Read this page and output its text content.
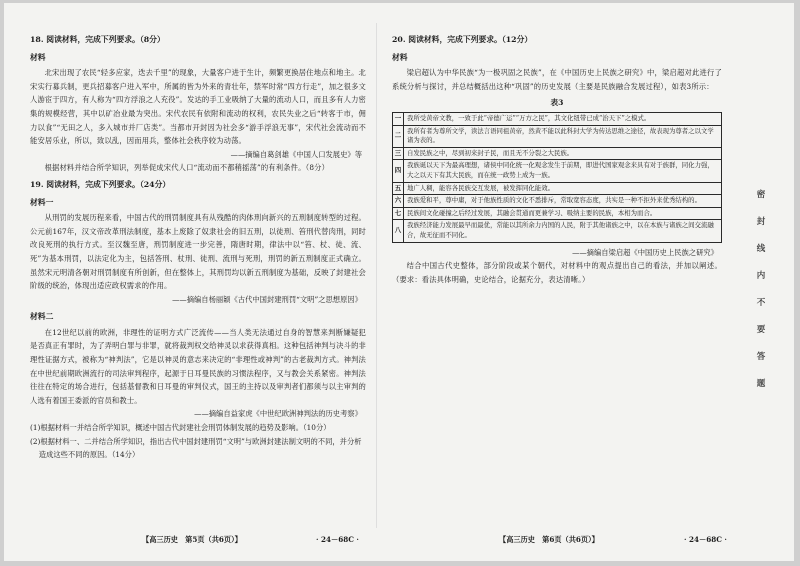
18. 阅读材料，完成下列要求。（8分）
材料
北宋出现了农民“轻多应家，迭去千里”的现象，大量客户进于生计，频繁更换居住地点和地主。北宋实行募兵制，更兵招募客户进入军中，所属的皆为外来的青壮年，禁军时常“四方行走”，加之很多文人游宦于四方，有人称为“四方浮浪之人充役”。发达的手工业吸纳了大量的流动人口，而且多有人力密集的规模经营，其中以矿冶业最为突出。宋代农民有依附和流动的权利，农民失业之后“转客于市，佣力以食”“无田之人，多入城市并厂店类”。当都市开封因为社会多“游手浮浪无事”，宋代社会流动而不能安居乐业，所以，致以乱，因而用兵，整体社会秩序较为动荡。
——摘编自葛剑雄《中国人口发展史》等
根据材料并结合所学知识，列举促成宋代人口“流动而不都稍摇荡”的有利条件。（8分）
19. 阅读材料，完成下列要求。（24分）
材料一
从刑罚的发展历程来看，中国古代的刑罚制度具有从残酷的肉体刑向新兴的五刑制度转型的过程。公元前167年，汉文帝改革刑法制度，基本上废除了奴隶社会的旧五刑，以徒刑、笞刑代替肉刑，同时改良死刑的执行方式。至汉魏至唐，刑罚制度进一步完善，隋唐时期，律法中以“笞、杖、徒、流、死”为基本刑罚，以法定化为主，包括答刑、杖刑、徒刑、流刑与死刑，刑罚的新五刑制度正式确立。虽然宋元明清各朝对刑罚制度有所创新，但在整体上，其刑罚均以新五刑制度为基础，反映了封建社会阶级的统治，体现出适应政权需求的作用。
——摘编自杨丽颖《古代中国封建刑罚“文明”之思想原因》
材料二
在12世纪以前的欧洲，非理性的证明方式广泛流传——当人类无法通过自身的智慧来判断嫌疑犯是否真正有罪时，为了弄明白罪与非罪，就将裁判权交给神灵以求获得真相。这种包括神判与决斗的非理性证据方式，被称为“神判法”，它是以神灵的意志来决定的“非理性或神判”的古老裁判方式。神判法在中世纪前期欧洲流行的司法审判程序，起源于日耳曼民族的习惯法程序，又与教会关系紧密。神判法往往在特定的场合进行，包括基督教和日耳曼的审判仪式，国王的主持以及审判者们都须与以主审判的人选有着国王委派的官员和教士。
——摘编自益家虎《中世纪欧洲神判法的历史考察》
(1)根据材料一并结合所学知识，概述中国古代封建社会刑罚体制发展的趋势及影响。（10分）
(2)根据材料一、二并结合所学知识，指出古代中国封建刑罚“文明”与欧洲封建法制文明的不同，并分析造成这些不同的原因。（14分）
20. 阅读材料，完成下列要求。（12分）
材料
梁启超认为中华民族“为一极巩固之民族”，在《中国历史上民族之研究》中，梁启超对此进行了系统分析与探讨，并总结概括出这种“巩固”的历史发展（主要是民族融合发展过程），如表3所示：
表3
一	我所受黄帝文教，一致于此“帝德广运”“万方之民”，其文化纽带已成“治天下”之模式。
二	我所有者为尊所文学，读法言语同祖黄帝，然黄不能以此科封大学为传达思维之途径，故表现为尊者之以文学诸为表的。
三	自发民族之中，尽到初来封子民，而且无不分裂之大民族。
四	我族诞以天下为最高理想，诸侯中同化统一化观念发生于前期，即进代国家观念来具有对于族群，同化力强，大之以天下有其大民族，而在统一政势上成为一族。
五	地广人稠，能容各民族交互发展，被发挥同化能效。
六	我族爱和平，尊中庸，对于他族性质的文化不悉排斥，常取宽容态度，共实是一种不拒外来优秀结构的。
七	民族间文化碰撞之后经过发展，其融会贯通而更兼学习、吸纳主要的民族，本相为而合。
八	我族经济能力发展最早而最优，常能以其所余力内国的人民，附于其他诸族之中，以在本族与诸族之间交流融合，故无征而不同化。
——摘编自梁启超《中国历史上民族之研究》
结合中国古代史整体，部分阶段或某个朝代，对材料中的观点提出自己的看法，并加以阐述。（要求：看法具体明确，史论结合，论据充分，表达清晰。）
【高三历史　第5页（共6页）】	· 24－68C ·	【高三历史　第6页（共6页）】	· 24－68C ·
密
封
线
内
不
要
答
题
